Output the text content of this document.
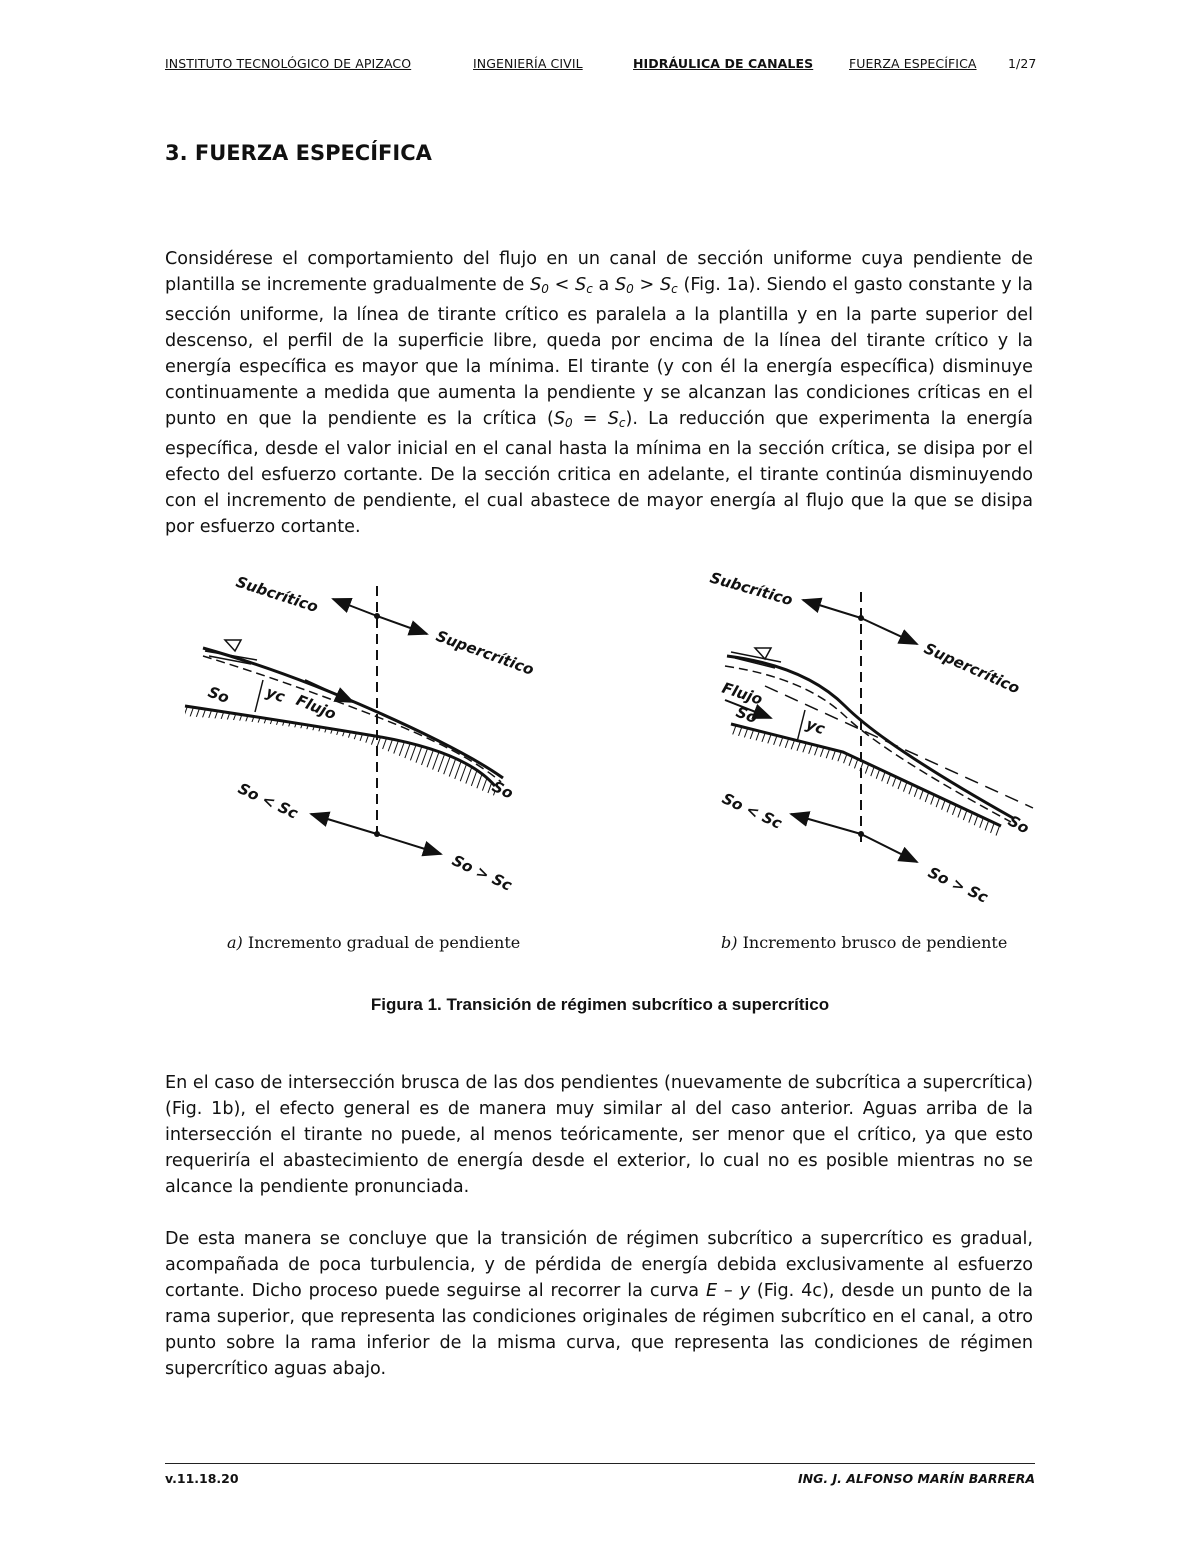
INSTITUTO TECNOLÓGICO DE APIZACO	INGENIERÍA CIVIL	HIDRÁULICA DE CANALES	FUERZA ESPECÍFICA	1/27
3. FUERZA ESPECÍFICA

Considérese el comportamiento del flujo en un canal de sección uniforme cuya pendiente de plantilla se incremente gradualmente de $S_0 < S_c$ a $S_0 > S_c$ (Fig. 1a). Siendo el gasto constante y la sección uniforme, la línea de tirante crítico es paralela a la plantilla y en la parte superior del descenso, el perfil de la superficie libre, queda por encima de la línea del tirante crítico y la energía específica es mayor que la mínima. El tirante (y con él la energía específica) disminuye continuamente a medida que aumenta la pendiente y se alcanzan las condiciones críticas en el punto en que la pendiente es la crítica $(S_0 = S_c)$. La reducción que experimenta la energía específica, desde el valor inicial en el canal hasta la mínima en la sección crítica, se disipa por el efecto del esfuerzo cortante. De la sección critica en adelante, el tirante continúa disminuyendo con el incremento de pendiente, el cual abastece de mayor energía al flujo que la que se disipa por esfuerzo cortante.

Subcrítico
Supercrítico
yc Flujo
So
So
So < Sc
So > Sc
a) Incremento gradual de pendiente
Subcrítico
Supercrítico
Flujo
So	yc
So
So < Sc
So > Sc
b) Incremento brusco de pendiente

Figura 1. Transición de régimen subcrítico a supercrítico

En el caso de intersección brusca de las dos pendientes (nuevamente de subcrítica a supercrítica) (Fig. 1b), el efecto general es de manera muy similar al del caso anterior. Aguas arriba de la intersección el tirante no puede, al menos teóricamente, ser menor que el crítico, ya que esto requeriría el abastecimiento de energía desde el exterior, lo cual no es posible mientras no se alcance la pendiente pronunciada.

De esta manera se concluye que la transición de régimen subcrítico a supercrítico es gradual, acompañada de poca turbulencia, y de pérdida de energía debida exclusivamente al esfuerzo cortante. Dicho proceso puede seguirse al recorrer la curva E – y (Fig. 4c), desde un punto de la rama superior, que representa las condiciones originales de régimen subcrítico en el canal, a otro punto sobre la rama inferior de la misma curva, que representa las condiciones de régimen supercrítico aguas abajo.

v.11.18.20	ING. J. ALFONSO MARÍN BARRERA
